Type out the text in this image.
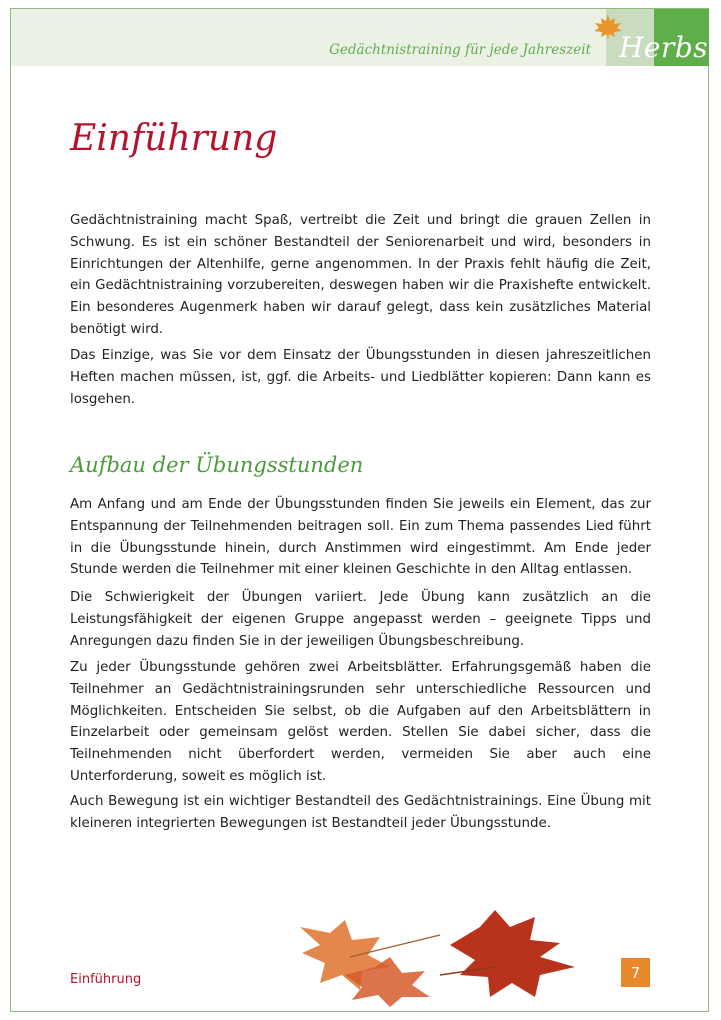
Gedächtnistraining für jede Jahreszeit Herbst
Einführung

Gedächtnistraining macht Spaß, vertreibt die Zeit und bringt die grauen Zellen in Schwung. Es ist ein schöner Bestandteil der Seniorenarbeit und wird, besonders in Einrichtungen der Altenhilfe, gerne angenommen. In der Praxis fehlt häufig die Zeit, ein Gedächtnistraining vorzubereiten, deswegen haben wir die Praxishefte entwickelt. Ein besonderes Augenmerk haben wir darauf gelegt, dass kein zusätzliches Material benötigt wird.

Das Einzige, was Sie vor dem Einsatz der Übungsstunden in diesen jahreszeitlichen Heften machen müssen, ist, ggf. die Arbeits- und Liedblätter kopieren: Dann kann es losgehen.

Aufbau der Übungsstunden

Am Anfang und am Ende der Übungsstunden finden Sie jeweils ein Element, das zur Entspannung der Teilnehmenden beitragen soll. Ein zum Thema passendes Lied führt in die Übungsstunde hinein, durch Anstimmen wird eingestimmt. Am Ende jeder Stunde werden die Teilnehmer mit einer kleinen Geschichte in den Alltag entlassen.

Die Schwierigkeit der Übungen variiert. Jede Übung kann zusätzlich an die Leistungsfähigkeit der eigenen Gruppe angepasst werden – geeignete Tipps und Anregungen dazu finden Sie in der jeweiligen Übungsbeschreibung.

Zu jeder Übungsstunde gehören zwei Arbeitsblätter. Erfahrungsgemäß haben die Teilnehmer an Gedächtnistrainingsrunden sehr unterschiedliche Ressourcen und Möglichkeiten. Entscheiden Sie selbst, ob die Aufgaben auf den Arbeitsblättern in Einzelarbeit oder gemeinsam gelöst werden. Stellen Sie dabei sicher, dass die Teilnehmenden nicht überfordert werden, vermeiden Sie aber auch eine Unterforderung, soweit es möglich ist.

Auch Bewegung ist ein wichtiger Bestandteil des Gedächtnistrainings. Eine Übung mit kleineren integrierten Bewegungen ist Bestandteil jeder Übungsstunde.

Einführung	7
